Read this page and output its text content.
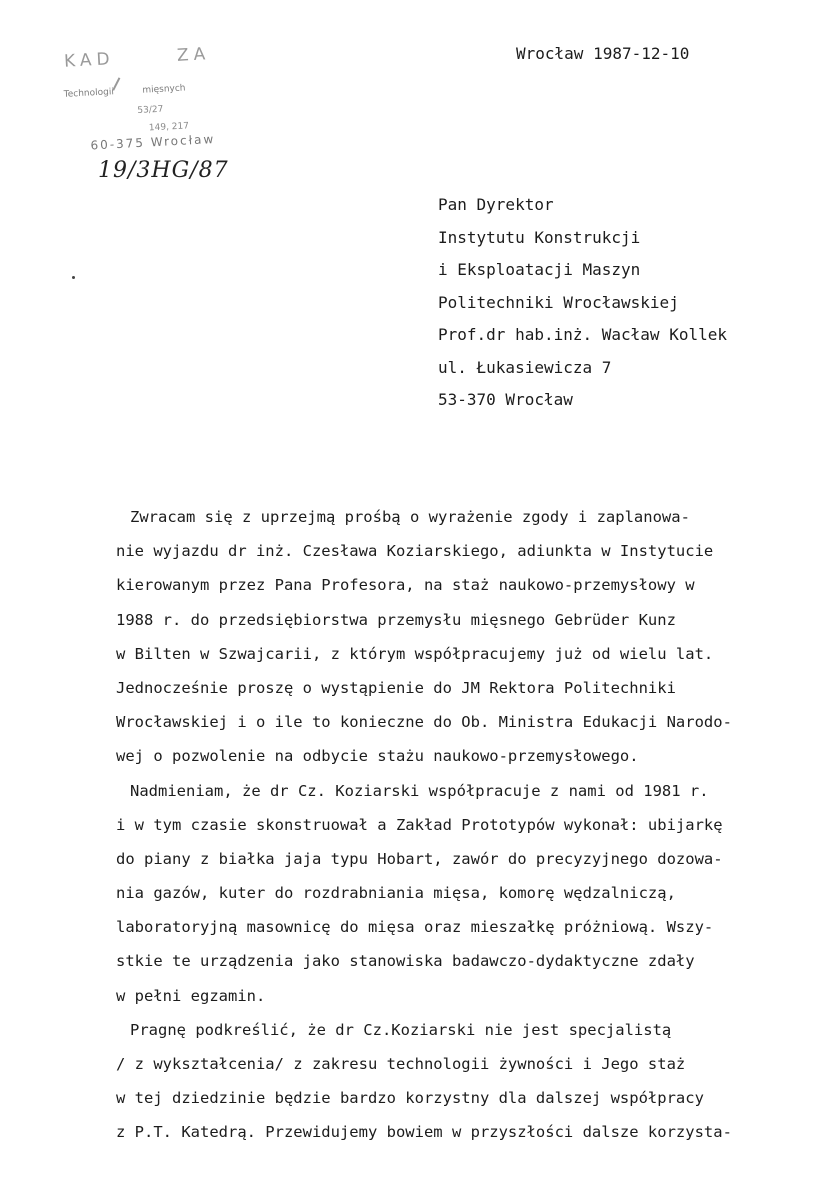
KAD	ZA
Technologii	mięsnych
53/27
149, 217
60-375 Wrocław
19/3HG/87
Wrocław 1987-12-10
Pan Dyrektor
Instytutu Konstrukcji
i Eksploatacji Maszyn
Politechniki Wrocławskiej
Prof.dr hab.inż. Wacław Kollek
ul. Łukasiewicza 7
53-370 Wrocław
Zwracam się z uprzejmą prośbą o wyrażenie zgody i zaplanowa-
nie wyjazdu dr inż. Czesława Koziarskiego, adiunkta w Instytucie
kierowanym przez Pana Profesora, na staż naukowo-przemysłowy w
1988 r. do przedsiębiorstwa przemysłu mięsnego Gebrüder Kunz
w Bilten w Szwajcarii, z którym współpracujemy już od wielu lat.
Jednocześnie proszę o wystąpienie do JM Rektora Politechniki
Wrocławskiej i o ile to konieczne do Ob. Ministra Edukacji Narodo-
wej o pozwolenie na odbycie stażu naukowo-przemysłowego.
Nadmieniam, że dr Cz. Koziarski współpracuje z nami od 1981 r.
i w tym czasie skonstruował a Zakład Prototypów wykonał: ubijarkę
do piany z białka jaja typu Hobart, zawór do precyzyjnego dozowa-
nia gazów, kuter do rozdrabniania mięsa, komorę wędzalniczą,
laboratoryjną masownicę do mięsa oraz mieszałkę próżniową. Wszy-
stkie te urządzenia jako stanowiska badawczo-dydaktyczne zdały
w pełni egzamin.
Pragnę podkreślić, że dr Cz.Koziarski nie jest specjalistą
/ z wykształcenia/ z zakresu technologii żywności i Jego staż
w tej dziedzinie będzie bardzo korzystny dla dalszej współpracy
z P.T. Katedrą. Przewidujemy bowiem w przyszłości dalsze korzysta-
